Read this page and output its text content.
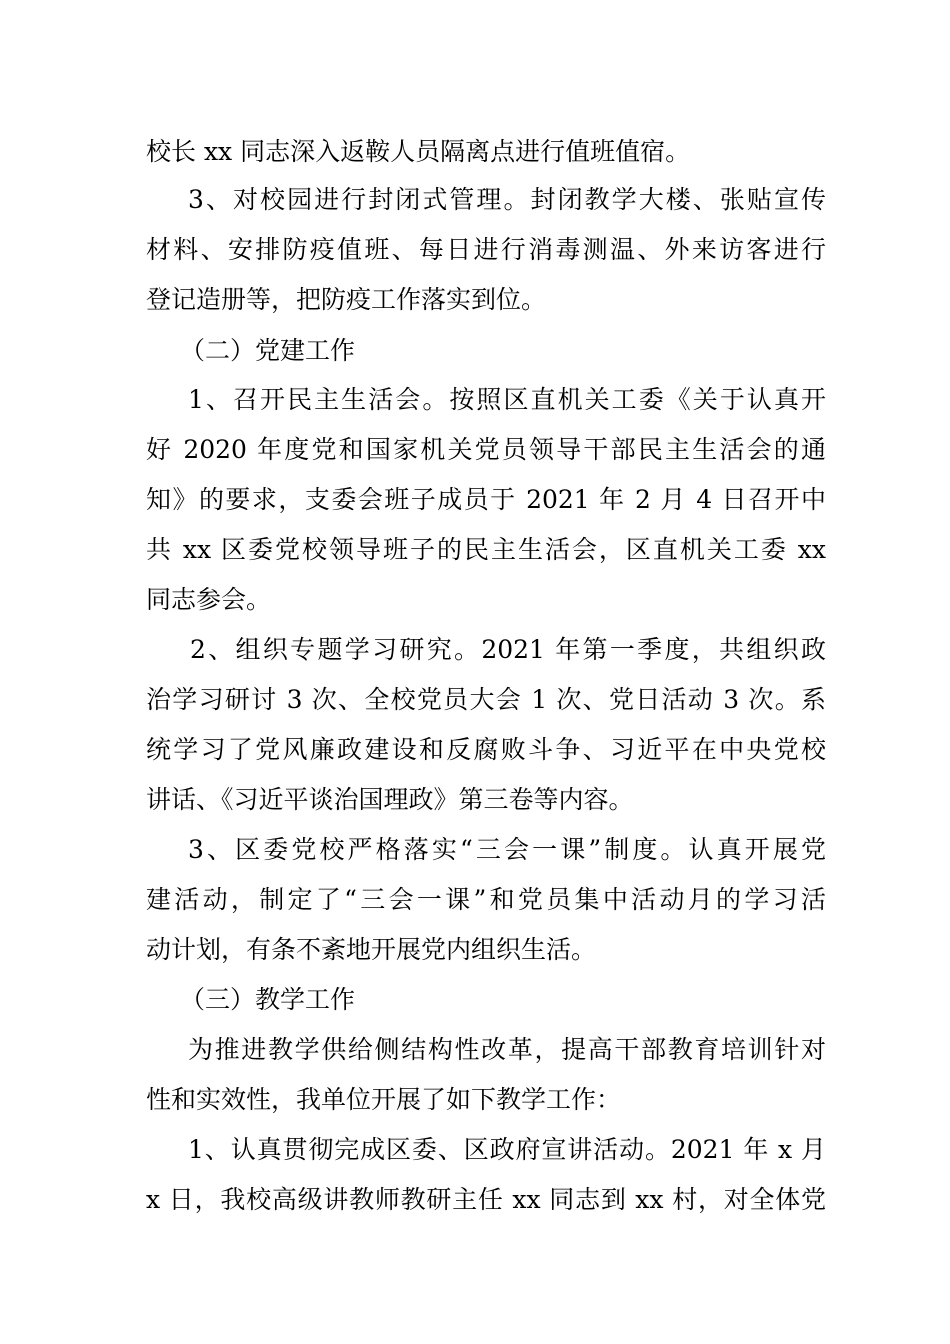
校长 xx 同志深入返鞍人员隔离点进行值班值宿。
3、对校园进行封闭式管理。封闭教学大楼、张贴宣传
材料、安排防疫值班、每日进行消毒测温、外来访客进行
登记造册等，把防疫工作落实到位。
（二）党建工作
1、召开民主生活会。按照区直机关工委《关于认真开
好 2020 年度党和国家机关党员领导干部民主生活会的通
知》的要求，支委会班子成员于 2021 年 2 月 4 日召开中
共 xx 区委党校领导班子的民主生活会，区直机关工委 xx
同志参会。
2、组织专题学习研究。2021 年第一季度，共组织政
治学习研讨 3 次、全校党员大会 1 次、党日活动 3 次。系
统学习了党风廉政建设和反腐败斗争、习近平在中央党校
讲话、《习近平谈治国理政》第三卷等内容。
3、区委党校严格落实“三会一课”制度。认真开展党
建活动，制定了“三会一课”和党员集中活动月的学习活
动计划，有条不紊地开展党内组织生活。
（三）教学工作
为推进教学供给侧结构性改革，提高干部教育培训针对
性和实效性，我单位开展了如下教学工作：
1、认真贯彻完成区委、区政府宣讲活动。2021 年 x 月
x 日，我校高级讲教师教研主任 xx 同志到 xx 村，对全体党
